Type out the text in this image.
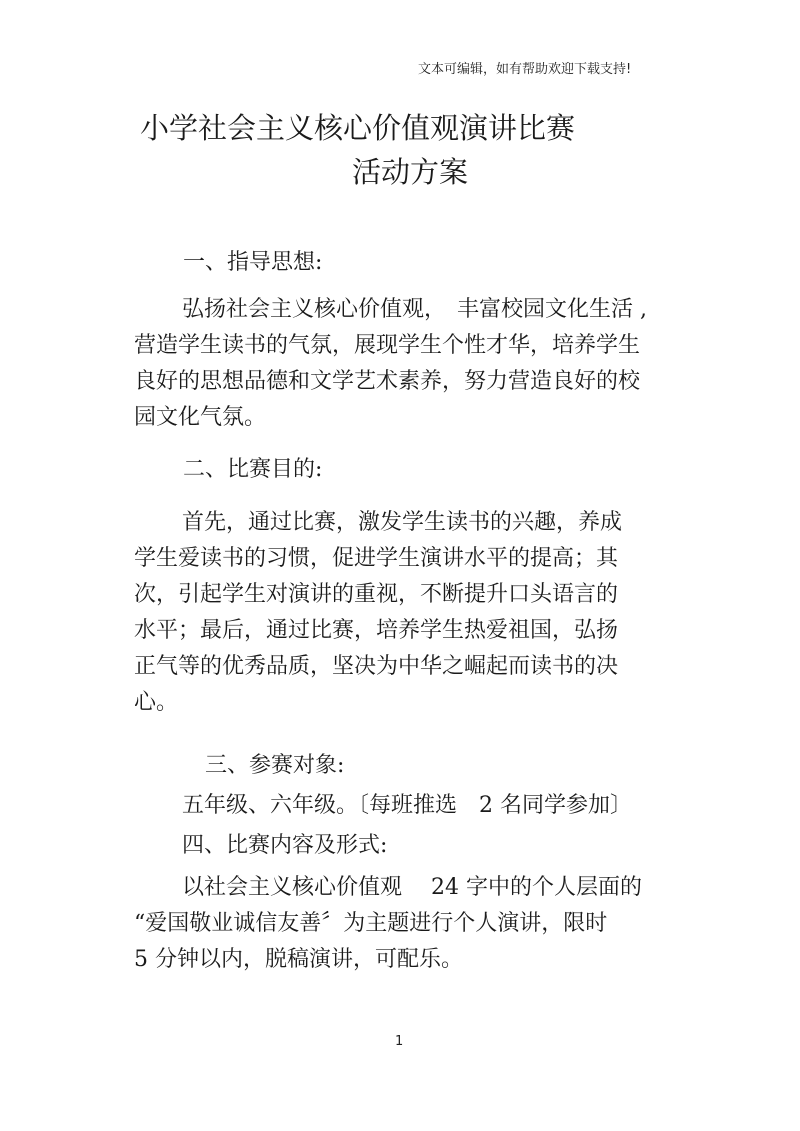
文本可编辑，如有帮助欢迎下载支持!
小学社会主义核心价值观演讲比赛
活动方案
一、指导思想:
弘扬社会主义核心价值观，　丰富校园文化生活 ,
营造学生读书的气氛，展现学生个性才华，培养学生
良好的思想品德和文学艺术素养，努力营造良好的校
园文化气氛。
二、比赛目的:
首先，通过比赛，激发学生读书的兴趣，养成
学生爱读书的习惯，促进学生演讲水平的提高；其
次，引起学生对演讲的重视，不断提升口头语言的
水平；最后，通过比赛，培养学生热爱祖国，弘扬
正气等的优秀品质，坚决为中华之崛起而读书的决
心。
三、参赛对象:
五年级、六年级。〔每班推选　2 名同学参加〕
四、比赛内容及形式:
以社会主义核心价值观　 24 字中的个人层面的
“爱国敬业诚信友善〞为主题进行个人演讲，限时
5 分钟以内，脱稿演讲，可配乐。
1
